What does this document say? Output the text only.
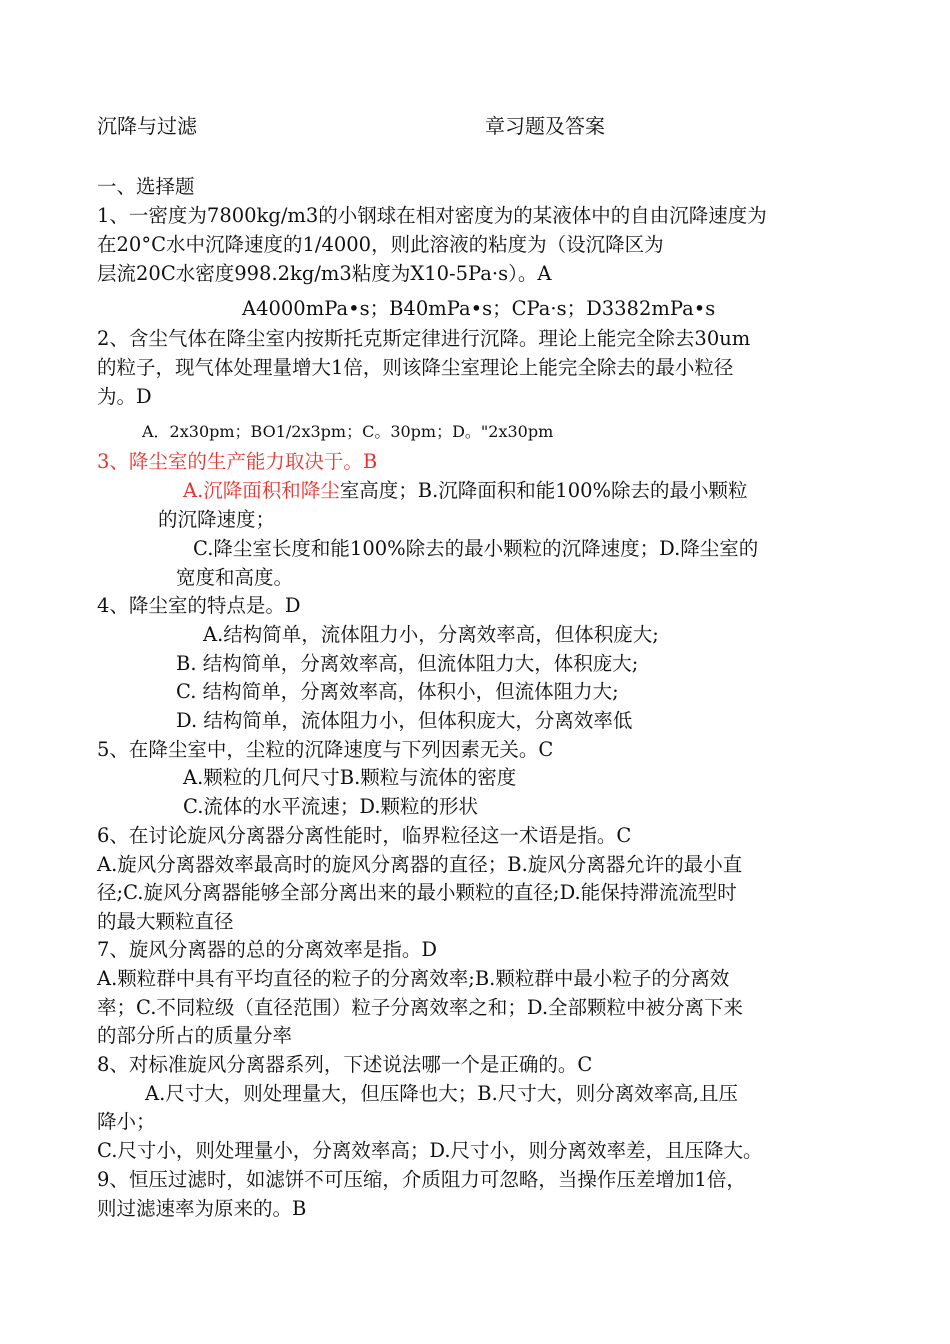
沉降与过滤	章习题及答案
一、选择题
1、一密度为7800kg/m3的小钢球在相对密度为的某液体中的自由沉降速度为
在20°C水中沉降速度的1/4000，则此溶液的粘度为（设沉降区为
层流20C水密度998.2kg/m3粘度为X10-5Pa·s）。A
A4000mPa•s；B40mPa•s；CPa·s；D3382mPa•s
2、含尘气体在降尘室内按斯托克斯定律进行沉降。理论上能完全除去30um
的粒子，现气体处理量增大1倍，则该降尘室理论上能完全除去的最小粒径
为。D
A．2x30pm；BO1/2x3pm；C。30pm；D。"2x30pm
3、降尘室的生产能力取决于。B
A.沉降面积和降尘室高度；B.沉降面积和能100%除去的最小颗粒
的沉降速度；
C.降尘室长度和能100%除去的最小颗粒的沉降速度；D.降尘室的
宽度和高度。
4、降尘室的特点是。D
A.结构简单，流体阻力小，分离效率高，但体积庞大;
B. 结构简单，分离效率高，但流体阻力大，体积庞大;
C. 结构简单，分离效率高，体积小，但流体阻力大;
D. 结构简单，流体阻力小，但体积庞大，分离效率低
5、在降尘室中，尘粒的沉降速度与下列因素无关。C
A.颗粒的几何尺寸B.颗粒与流体的密度
C.流体的水平流速；D.颗粒的形状
6、在讨论旋风分离器分离性能时，临界粒径这一术语是指。C
A.旋风分离器效率最高时的旋风分离器的直径；B.旋风分离器允许的最小直
径;C.旋风分离器能够全部分离出来的最小颗粒的直径;D.能保持滞流流型时
的最大颗粒直径
7、旋风分离器的总的分离效率是指。D
A.颗粒群中具有平均直径的粒子的分离效率;B.颗粒群中最小粒子的分离效
率；C.不同粒级（直径范围）粒子分离效率之和；D.全部颗粒中被分离下来
的部分所占的质量分率
8、对标准旋风分离器系列，下述说法哪一个是正确的。C
A.尺寸大，则处理量大，但压降也大；B.尺寸大，则分离效率高,且压
降小；
C.尺寸小，则处理量小，分离效率高；D.尺寸小，则分离效率差，且压降大。
9、恒压过滤时，如滤饼不可压缩，介质阻力可忽略，当操作压差增加1倍，
则过滤速率为原来的。B
